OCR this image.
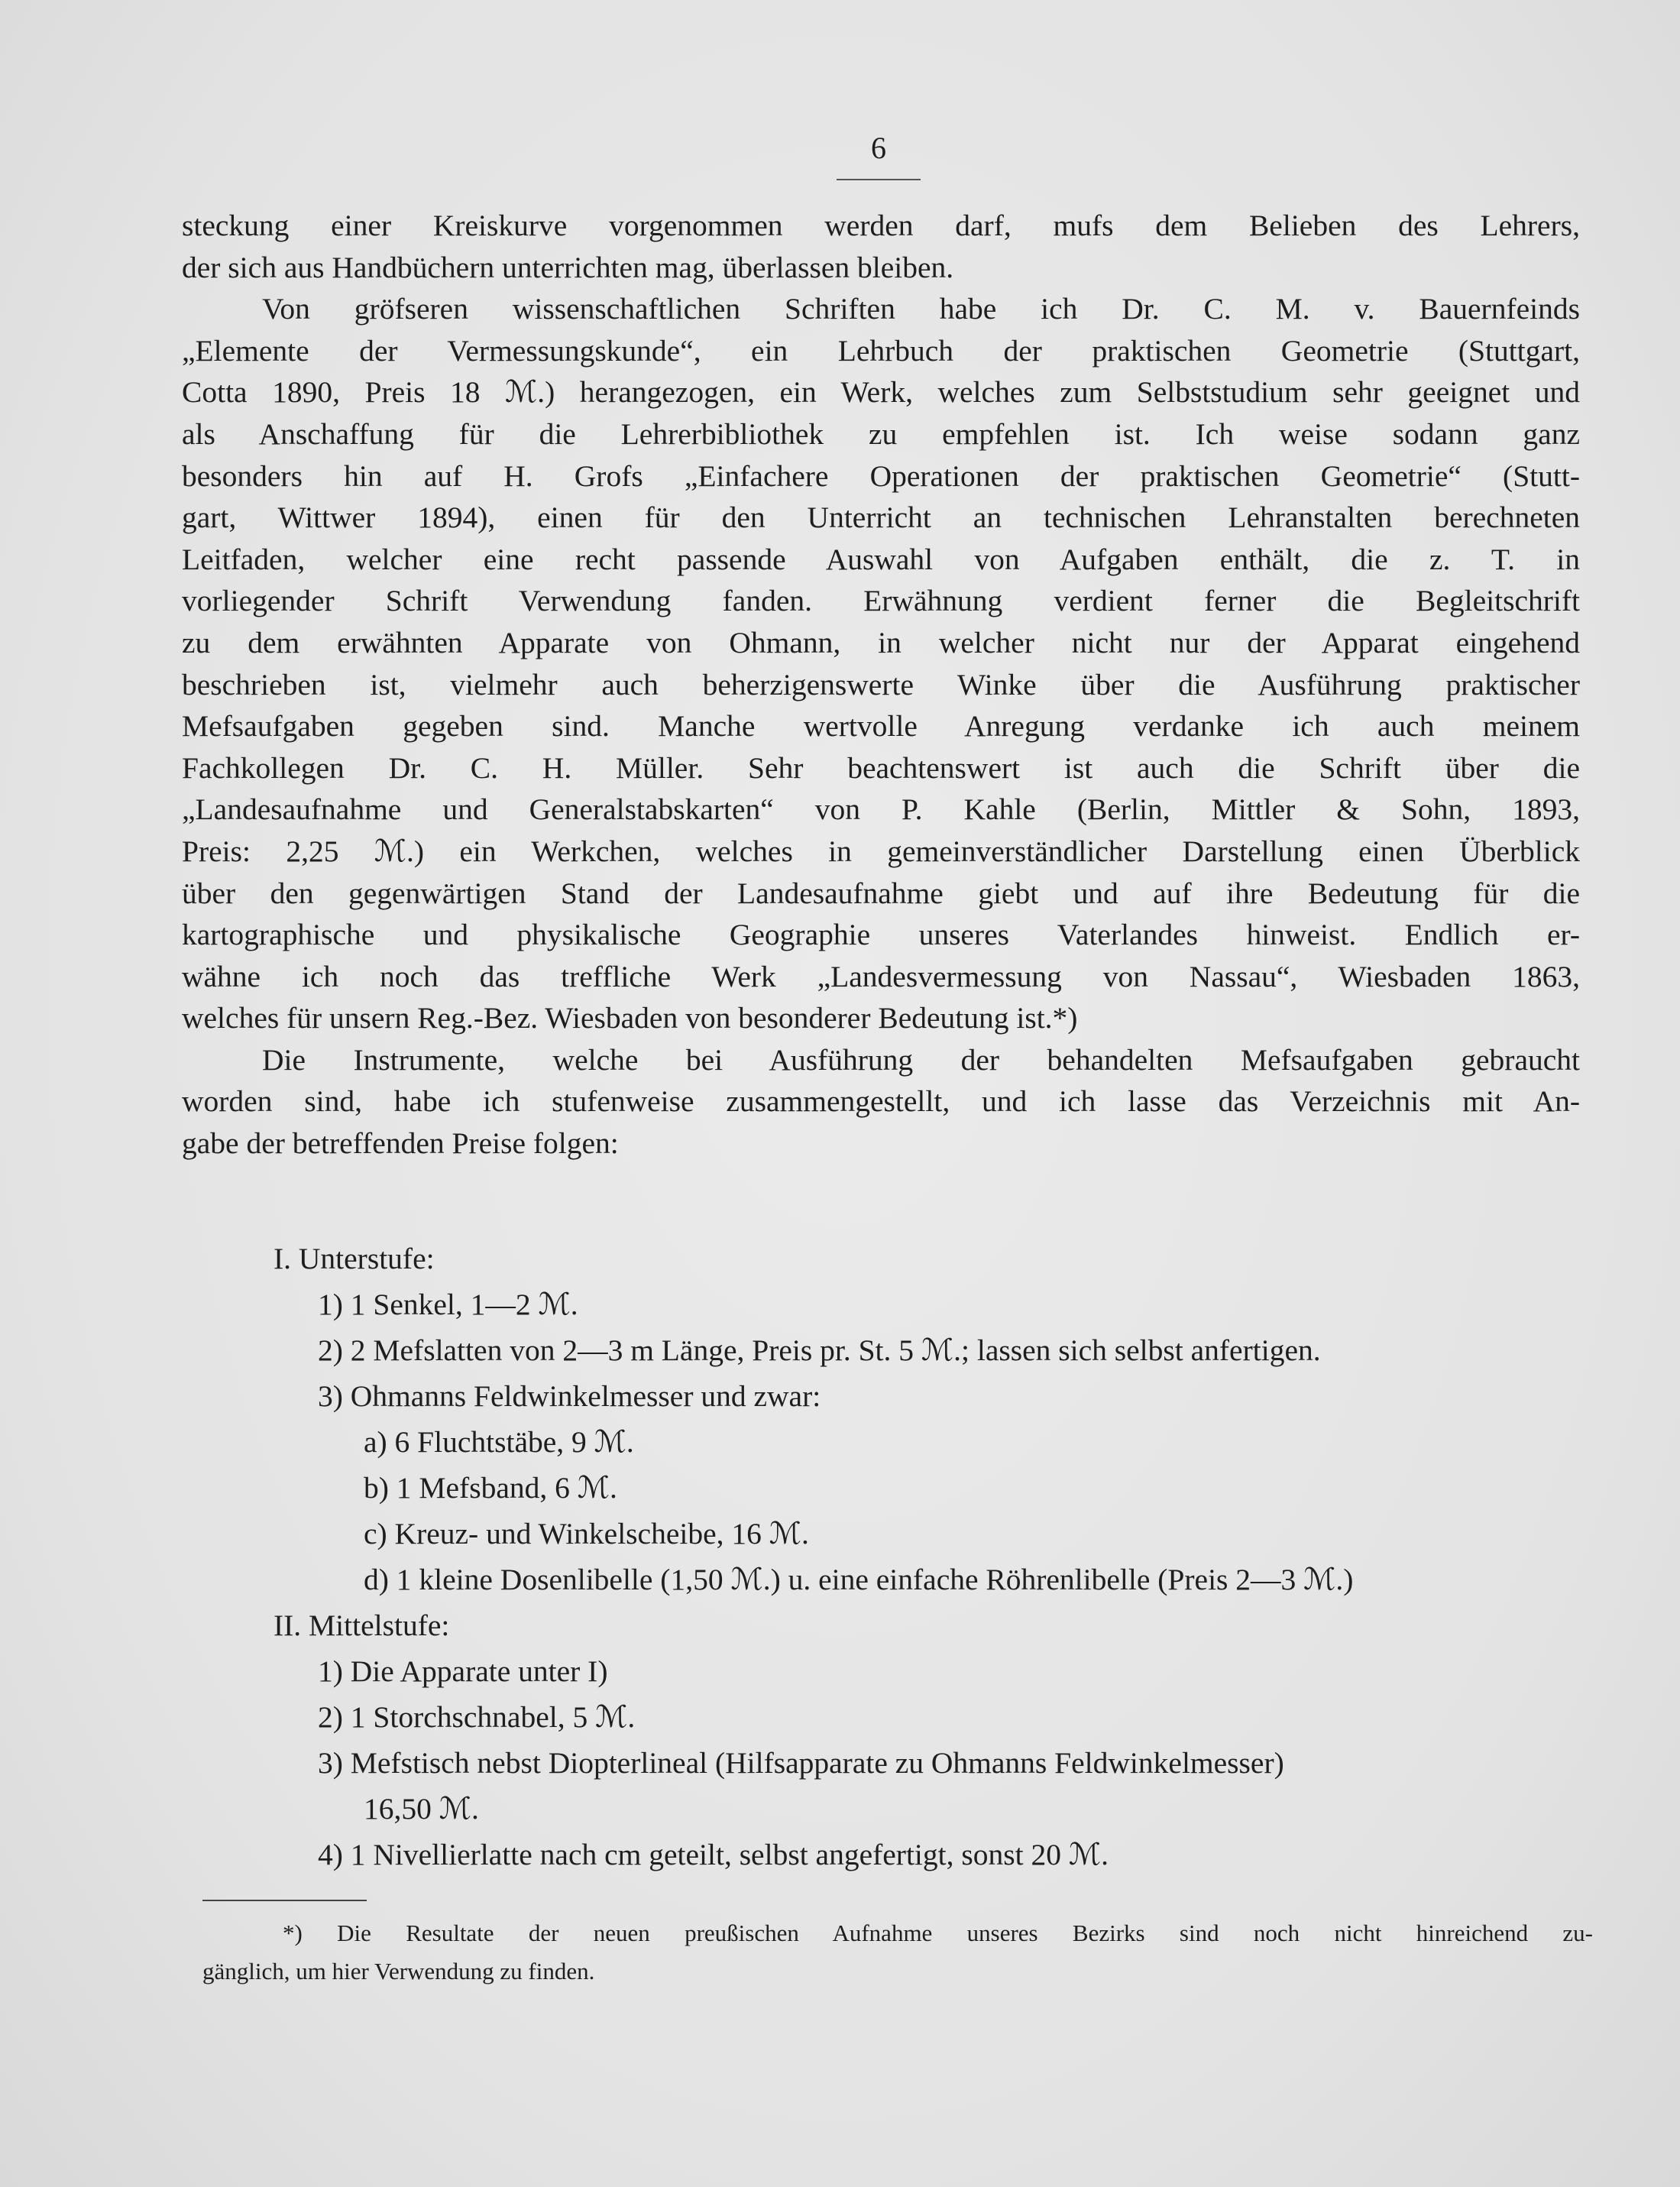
6
steckung einer Kreiskurve vorgenommen werden darf, mufs dem Belieben des Lehrers,
der sich aus Handbüchern unterrichten mag, überlassen bleiben.
Von gröfseren wissenschaftlichen Schriften habe ich Dr. C. M. v. Bauernfeinds
„Elemente der Vermessungskunde“, ein Lehrbuch der praktischen Geometrie (Stuttgart,
Cotta 1890, Preis 18 ℳ.) herangezogen, ein Werk, welches zum Selbststudium sehr geeignet und
als Anschaffung für die Lehrerbibliothek zu empfehlen ist. Ich weise sodann ganz
besonders hin auf H. Grofs „Einfachere Operationen der praktischen Geometrie“ (Stutt-
gart, Wittwer 1894), einen für den Unterricht an technischen Lehranstalten berechneten
Leitfaden, welcher eine recht passende Auswahl von Aufgaben enthält, die z. T. in
vorliegender Schrift Verwendung fanden. Erwähnung verdient ferner die Begleitschrift
zu dem erwähnten Apparate von Ohmann, in welcher nicht nur der Apparat eingehend
beschrieben ist, vielmehr auch beherzigenswerte Winke über die Ausführung praktischer
Mefsaufgaben gegeben sind. Manche wertvolle Anregung verdanke ich auch meinem
Fachkollegen Dr. C. H. Müller. Sehr beachtenswert ist auch die Schrift über die
„Landesaufnahme und Generalstabskarten“ von P. Kahle (Berlin, Mittler & Sohn, 1893,
Preis: 2,25 ℳ.) ein Werkchen, welches in gemeinverständlicher Darstellung einen Überblick
über den gegenwärtigen Stand der Landesaufnahme giebt und auf ihre Bedeutung für die
kartographische und physikalische Geographie unseres Vaterlandes hinweist. Endlich er-
wähne ich noch das treffliche Werk „Landesvermessung von Nassau“, Wiesbaden 1863,
welches für unsern Reg.-Bez. Wiesbaden von besonderer Bedeutung ist.*)
Die Instrumente, welche bei Ausführung der behandelten Mefsaufgaben gebraucht
worden sind, habe ich stufenweise zusammengestellt, und ich lasse das Verzeichnis mit An-
gabe der betreffenden Preise folgen:
I. Unterstufe:
1) 1 Senkel, 1—2 ℳ.
2) 2 Mefslatten von 2—3 m Länge, Preis pr. St. 5 ℳ.; lassen sich selbst anfertigen.
3) Ohmanns Feldwinkelmesser und zwar:
a) 6 Fluchtstäbe, 9 ℳ.
b) 1 Mefsband, 6 ℳ.
c) Kreuz- und Winkelscheibe, 16 ℳ.
d) 1 kleine Dosenlibelle (1,50 ℳ.) u. eine einfache Röhrenlibelle (Preis 2—3 ℳ.)
II. Mittelstufe:
1) Die Apparate unter I)
2) 1 Storchschnabel, 5 ℳ.
3) Mefstisch nebst Diopterlineal (Hilfsapparate zu Ohmanns Feldwinkelmesser)
16,50 ℳ.
4) 1 Nivellierlatte nach cm geteilt, selbst angefertigt, sonst 20 ℳ.
*) Die Resultate der neuen preußischen Aufnahme unseres Bezirks sind noch nicht hinreichend zu-
gänglich, um hier Verwendung zu finden.
